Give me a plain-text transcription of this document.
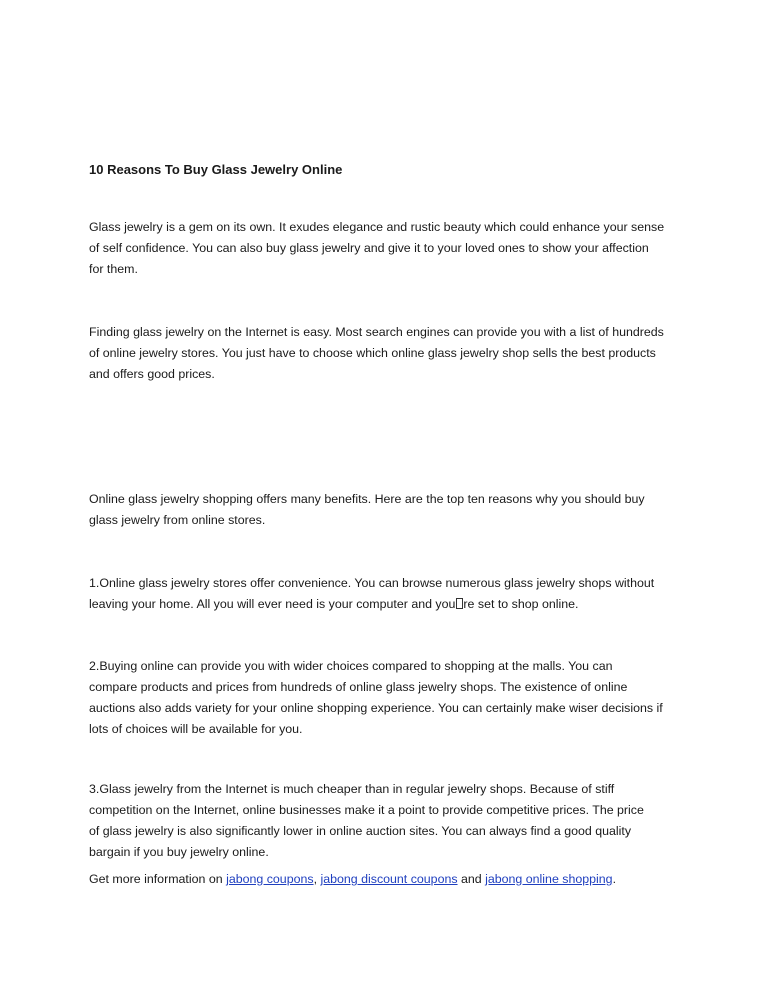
10 Reasons To Buy Glass Jewelry Online

Glass jewelry is a gem on its own. It exudes elegance and rustic beauty which could enhance your sense
of self confidence. You can also buy glass jewelry and give it to your loved ones to show your affection
for them.

Finding glass jewelry on the Internet is easy. Most search engines can provide you with a list of hundreds
of online jewelry stores. You just have to choose which online glass jewelry shop sells the best products
and offers good prices.

Online glass jewelry shopping offers many benefits. Here are the top ten reasons why you should buy
glass jewelry from online stores.

1.Online glass jewelry stores offer convenience. You can browse numerous glass jewelry shops without
leaving your home. All you will ever need is your computer and you re set to shop online.

2.Buying online can provide you with wider choices compared to shopping at the malls. You can
compare products and prices from hundreds of online glass jewelry shops. The existence of online
auctions also adds variety for your online shopping experience. You can certainly make wiser decisions if
lots of choices will be available for you.

3.Glass jewelry from the Internet is much cheaper than in regular jewelry shops. Because of stiff
competition on the Internet, online businesses make it a point to provide competitive prices. The price
of glass jewelry is also significantly lower in online auction sites. You can always find a good quality
bargain if you buy jewelry online.

Get more information on jabong coupons, jabong discount coupons and jabong online shopping.
